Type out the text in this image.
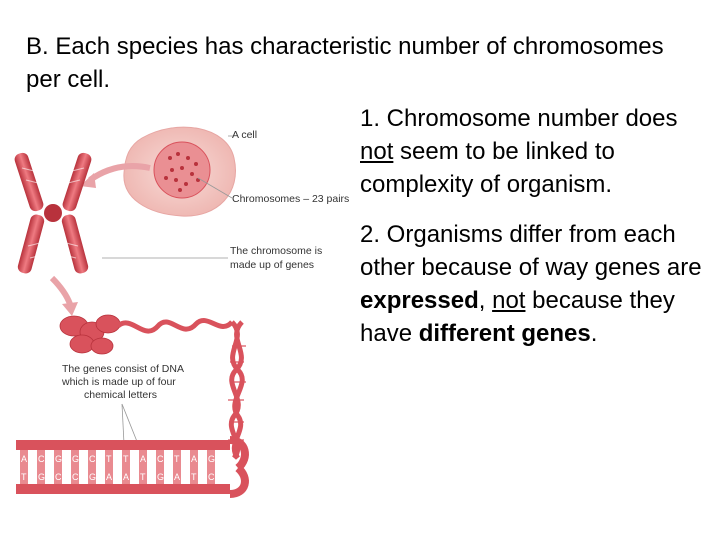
B. Each species has characteristic number of chromosomes per cell.

1. Chromosome number does not seem to be linked to complexity of organism.

2. Organisms differ from each other because of way genes are expressed, not because they have different genes.

A cell
Chromosomes – 23 pairs
The chromosome is
made up of genes
The genes consist of DNA
which is made up of four
chemical letters
A
T
C
G
G
C
G
C
C
G
T
A
T
A
A
T
C
G
T
A
A
T
G
C
